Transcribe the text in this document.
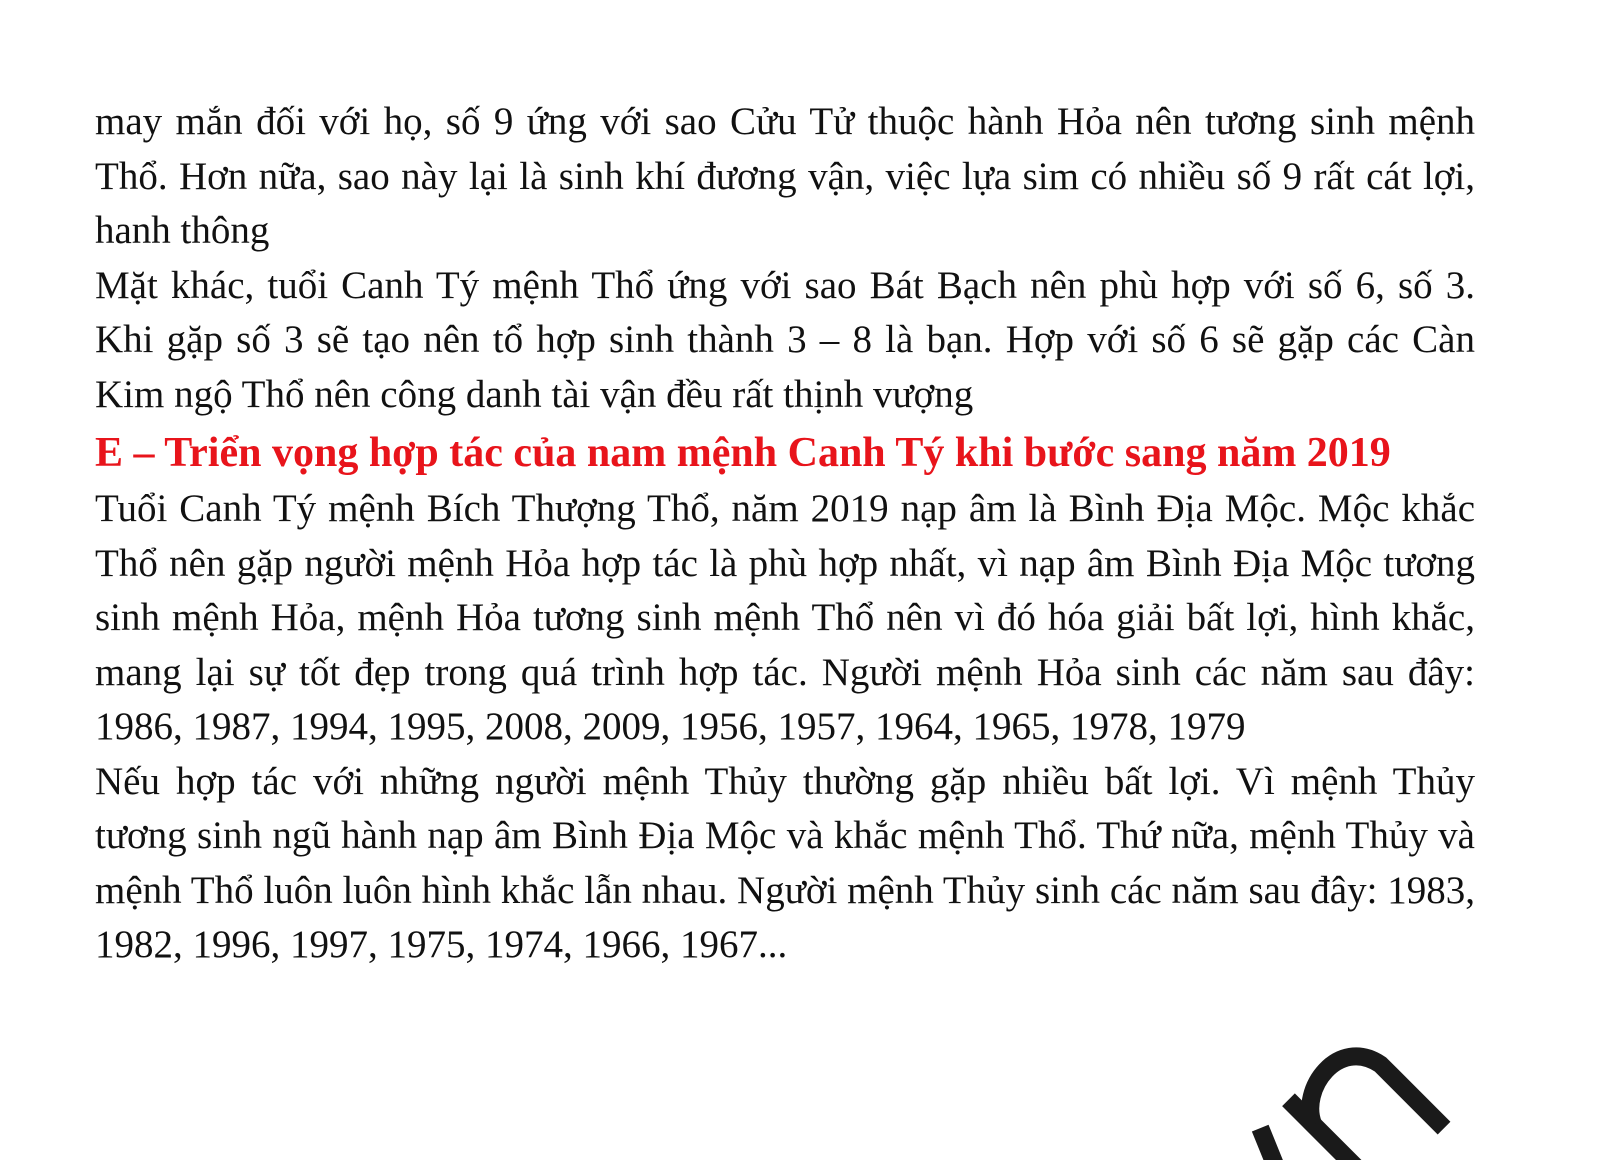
may mắn đối với họ, số 9 ứng với sao Cửu Tử thuộc hành Hỏa nên tương sinh mệnh Thổ. Hơn nữa, sao này lại là sinh khí đương vận, việc lựa sim có nhiều số 9 rất cát lợi, hanh thông

Mặt khác, tuổi Canh Tý mệnh Thổ ứng với sao Bát Bạch nên phù hợp với số 6, số 3. Khi gặp số 3 sẽ tạo nên tổ hợp sinh thành 3 – 8 là bạn. Hợp với số 6 sẽ gặp các Càn Kim ngộ Thổ nên công danh tài vận đều rất thịnh vượng

E – Triển vọng hợp tác của nam mệnh Canh Tý khi bước sang năm 2019

Tuổi Canh Tý mệnh Bích Thượng Thổ, năm 2019 nạp âm là Bình Địa Mộc. Mộc khắc Thổ nên gặp người mệnh Hỏa hợp tác là phù hợp nhất, vì nạp âm Bình Địa Mộc tương sinh mệnh Hỏa, mệnh Hỏa tương sinh mệnh Thổ nên vì đó hóa giải bất lợi, hình khắc, mang lại sự tốt đẹp trong quá trình hợp tác. Người mệnh Hỏa sinh các năm sau đây: 1986, 1987, 1994, 1995, 2008, 2009, 1956, 1957, 1964, 1965, 1978, 1979

Nếu hợp tác với những người mệnh Thủy thường gặp nhiều bất lợi. Vì mệnh Thủy tương sinh ngũ hành nạp âm Bình Địa Mộc và khắc mệnh Thổ. Thứ nữa, mệnh Thủy và mệnh Thổ luôn luôn hình khắc lẫn nhau. Người mệnh Thủy sinh các năm sau đây: 1983, 1982, 1996, 1997, 1975, 1974, 1966, 1967...
